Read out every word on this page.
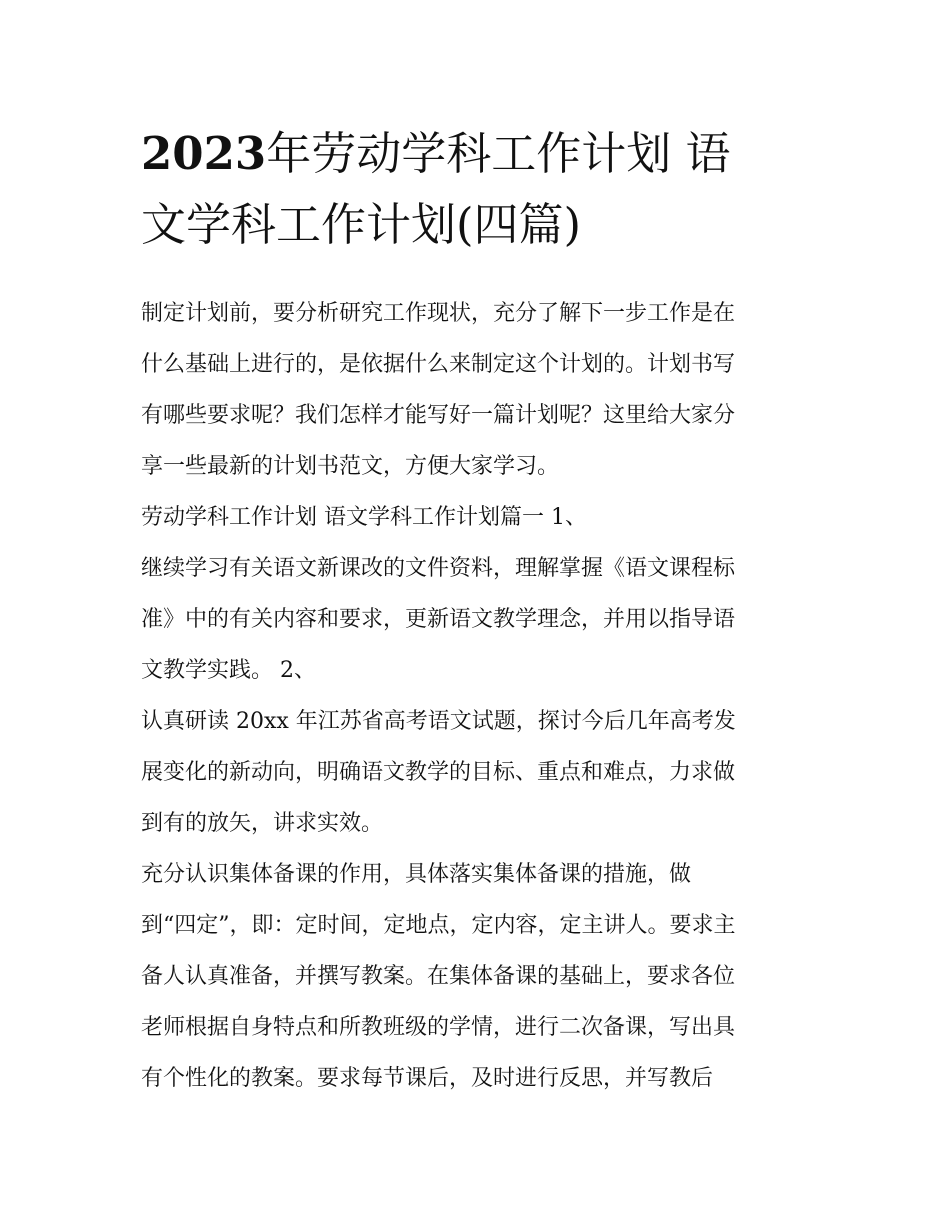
2023年劳动学科工作计划 语
文学科工作计划(四篇)
制定计划前，要分析研究工作现状，充分了解下一步工作是在
什么基础上进行的，是依据什么来制定这个计划的。计划书写
有哪些要求呢？我们怎样才能写好一篇计划呢？这里给大家分
享一些最新的计划书范文，方便大家学习。
劳动学科工作计划 语文学科工作计划篇一 1、
继续学习有关语文新课改的文件资料，理解掌握《语文课程标
准》中的有关内容和要求，更新语文教学理念，并用以指导语
文教学实践。 2、
认真研读 20xx 年江苏省高考语文试题，探讨今后几年高考发
展变化的新动向，明确语文教学的目标、重点和难点，力求做
到有的放矢，讲求实效。
充分认识集体备课的作用，具体落实集体备课的措施，做
到“四定”，即：定时间，定地点，定内容，定主讲人。要求主
备人认真准备，并撰写教案。在集体备课的基础上，要求各位
老师根据自身特点和所教班级的学情，进行二次备课，写出具
有个性化的教案。要求每节课后，及时进行反思，并写教后
